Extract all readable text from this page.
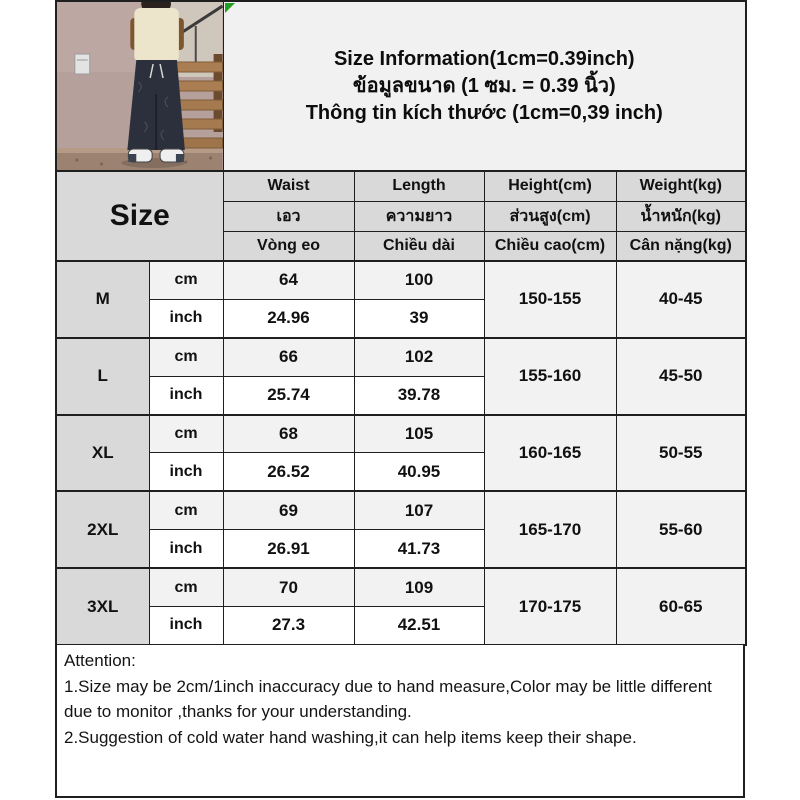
Size Information(1cm=0.39inch)
ข้อมูลขนาด (1 ซม. = 0.39 นิ้ว)
Thông tin kích thước (1cm=0,39 inch)			

Size		Waist	Length	Height(cm)	Weight(kg)
		เอว	ความยาว	ส่วนสูง(cm)	น้ำหนัก(kg)
		Vòng eo	Chiều dài	Chiều cao(cm)	Cân nặng(kg)
M	cm	64	100	150-155	40-45
	inch	24.96	39		
L	cm	66	102	155-160	45-50
	inch	25.74	39.78		
XL	cm	68	105	160-165	50-55
	inch	26.52	40.95		
2XL	cm	69	107	165-170	55-60
	inch	26.91	41.73		
3XL	cm	70	109	170-175	60-65
	inch	27.3	42.51		

Attention:

1.Size may be 2cm/1inch inaccuracy due to hand measure,Color may be little different due to monitor ,thanks for your understanding.

2.Suggestion of cold water hand washing,it can help items keep their shape.
